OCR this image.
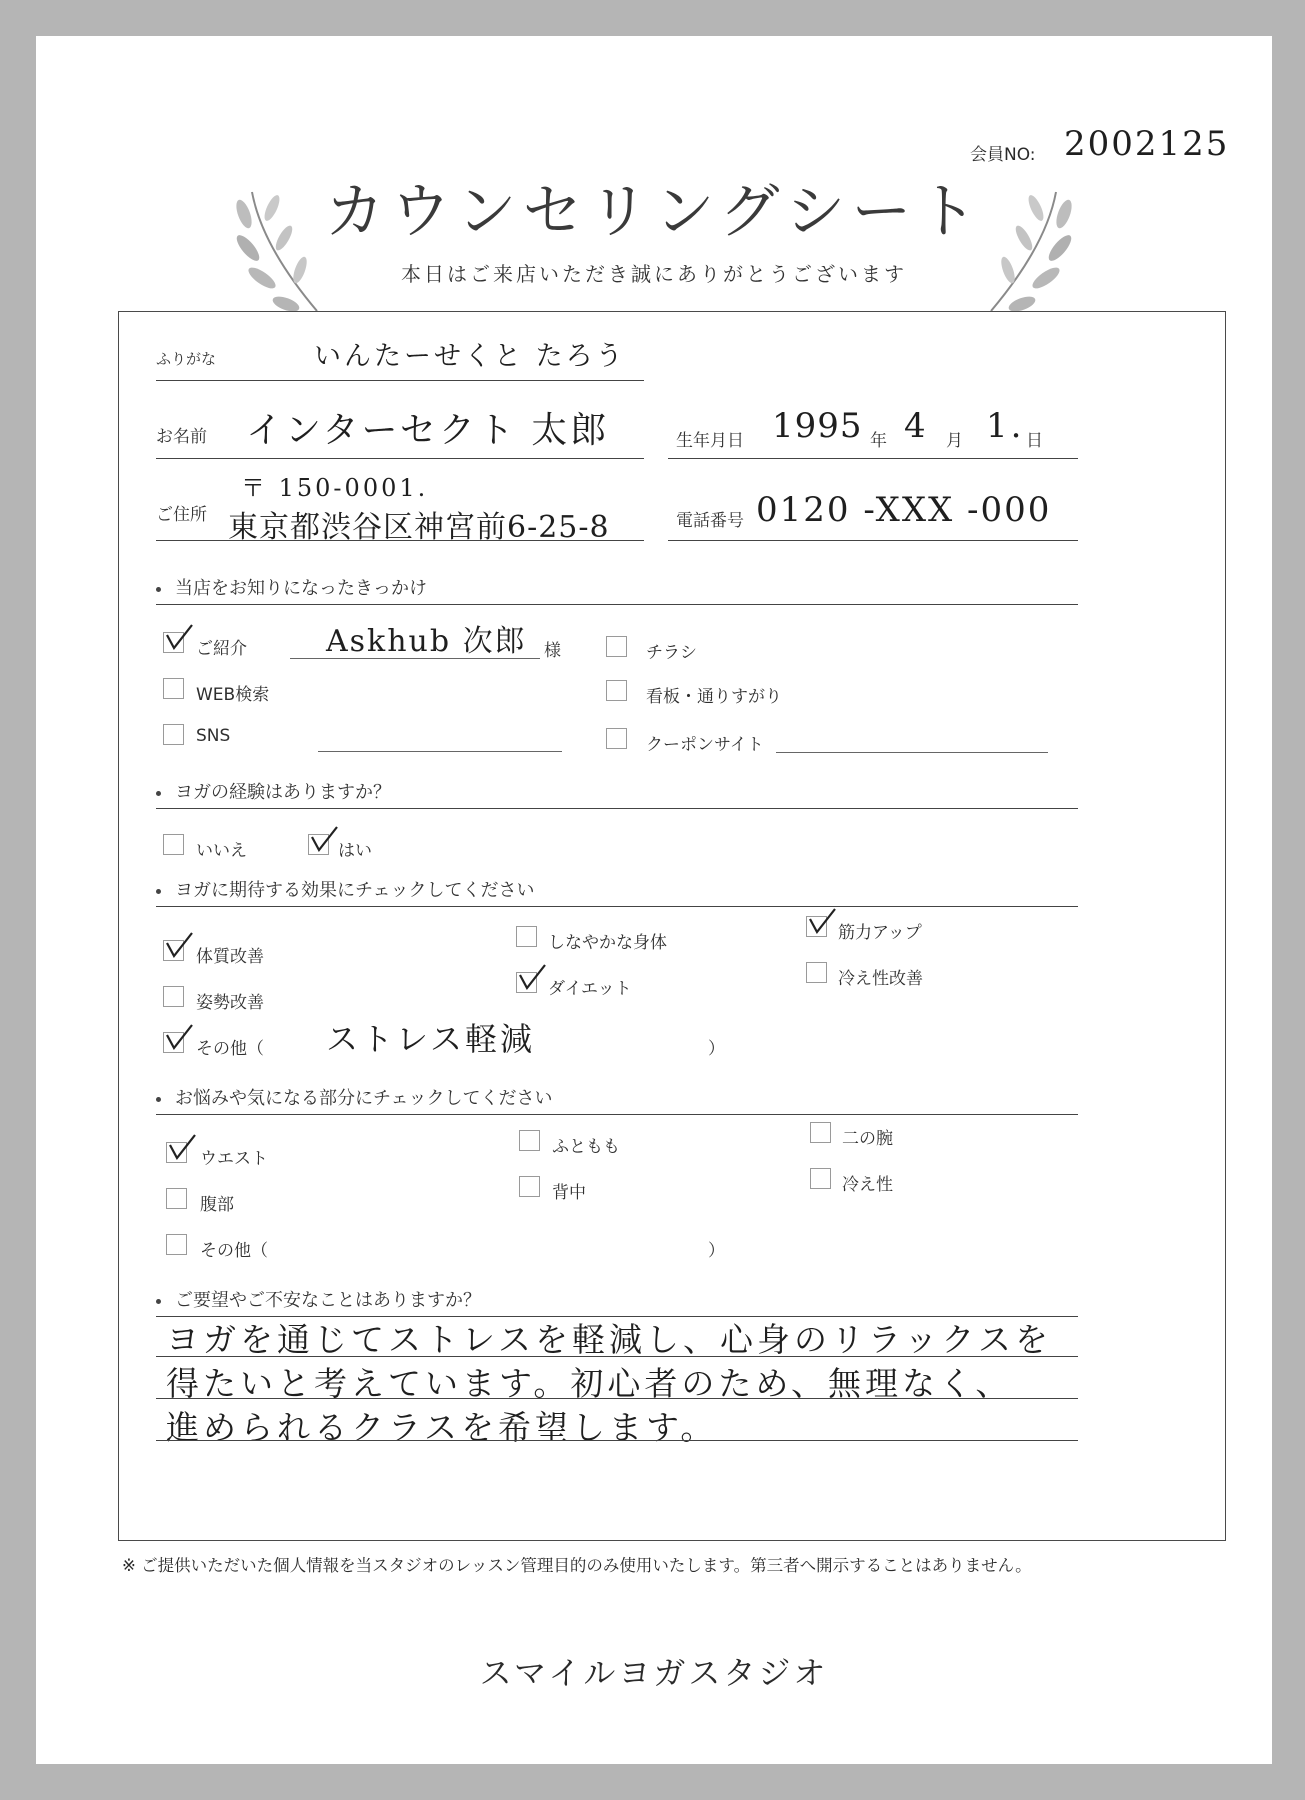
会員NO: 2002125
カウンセリングシート
本日はご来店いただき誠にありがとうございます
ふりがな	いんたーせくと たろう
お名前 インターセクト 太郎	生年月日 1995 年 4 月 1. 日
〒 150-0001.
ご住所 東京都渋谷区神宮前6-25-8	電話番号 0120 -XXX -000
当店をお知りになったきっかけ
ご紹介	Askhub 次郎 様
WEB検索
SNS
チラシ
看板・通りすがり
クーポンサイト
ヨガの経験はありますか？
いいえ	はい
ヨガに期待する効果にチェックしてください
体質改善
姿勢改善
その他（ ストレス軽減	）
しなやかな身体
ダイエット
筋力アップ
冷え性改善
お悩みや気になる部分にチェックしてください
ウエスト
腹部
その他（	）
ふともも
背中
二の腕
冷え性
ご要望やご不安なことはありますか？
ヨガを通じてストレスを軽減し、心身のリラックスを
得たいと考えています。初心者のため、無理なく、
進められるクラスを希望します。
※ ご提供いただいた個人情報を当スタジオのレッスン管理目的のみ使用いたします。第三者へ開示することはありません。
スマイルヨガスタジオ
